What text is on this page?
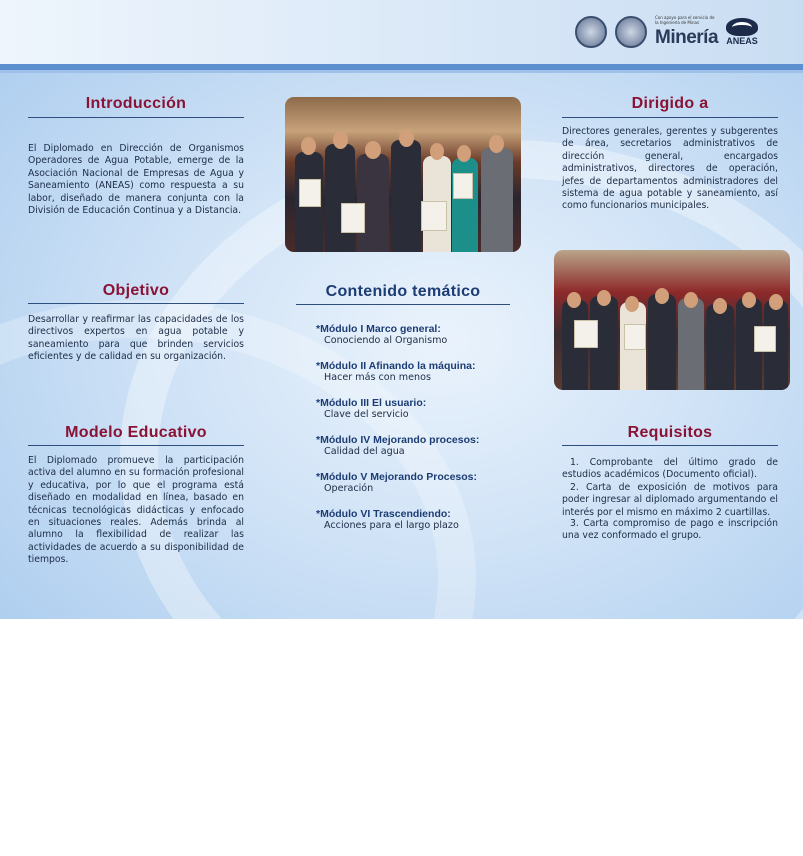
Con apoyo para el servicio de la Ingeniería de Minas
Minería ANEAS
Introducción

El Diplomado en Dirección de Organismos Operadores de Agua Potable, emerge de la Asociación Nacional de Empresas de Agua y Saneamiento (ANEAS) como respuesta a su labor, diseñado de manera conjunta con la División de Educación Continua y a Distancia.

Objetivo

Desarrollar y reafirmar las capacidades de los directivos expertos en agua potable y saneamiento para que brinden servicios eficientes y de calidad en su organización.

Modelo Educativo

El Diplomado promueve la participación activa del alumno en su formación profesional y educativa, por lo que el programa está diseñado en modalidad en línea, basado en técnicas tecnológicas didácticas y enfocado en situaciones reales. Además brinda al alumno la flexibilidad de realizar las actividades de acuerdo a su disponibilidad de tiempos.

Contenido temático
*Módulo I Marco general:
Conociendo al Organismo
*Módulo II Afinando la máquina:
Hacer más con menos
*Módulo III El usuario:
Clave del servicio
*Módulo IV Mejorando procesos:
Calidad del agua
*Módulo V Mejorando Procesos:
Operación
*Módulo VI Trascendiendo:
Acciones para el largo plazo
Dirigido a

Directores generales, gerentes y subgerentes de área, secretarios administrativos de dirección general, encargados administrativos, directores de operación, jefes de departamentos administradores del sistema de agua potable y saneamiento, así como funcionarios municipales.

Requisitos

1. Comprobante del último grado de estudios académicos (Documento oficial).

2. Carta de exposición de motivos para poder ingresar al diplomado argumentando el interés por el mismo en máximo 2 cuartillas.

3. Carta compromiso de pago e inscripción una vez conformado el grupo.
